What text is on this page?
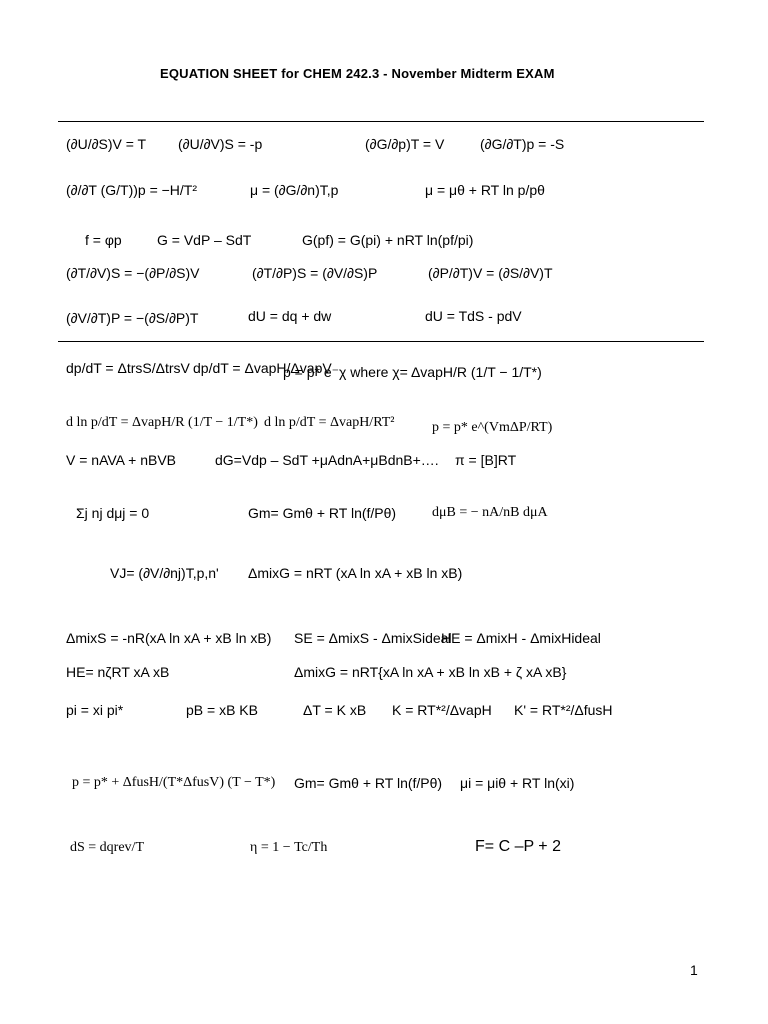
EQUATION SHEET for CHEM 242.3 - November Midterm EXAM
(∂U/∂S)V = T (∂U/∂V)S = -p	(∂G/∂p)T = V	(∂G/∂T)p = -S
(∂/∂T (G/T))p = −H/T²	μ = (∂G/∂n)T,p	μ = μθ + RT ln p/pθ
f = φp	G = VdP – SdT	G(pf) = G(pi) + nRT ln(pf/pi)
(∂T/∂V)S = −(∂P/∂S)V	(∂T/∂P)S = (∂V/∂S)P	(∂P/∂T)V = (∂S/∂V)T
(∂V/∂T)P = −(∂S/∂P)T	dU = dq + dw	dU = TdS - pdV
dp/dT = ΔtrsS/ΔtrsV dp/dT = ΔvapH/ΔvapV
p = p* e⁻χ where χ= ΔvapH/R (1/T − 1/T*)
d ln p/dT = ΔvapH/R (1/T − 1/T*) d ln p/dT = ΔvapH/RT²	p = p* e^(VmΔP/RT)
V = nAVA + nBVB	dG=Vdp – SdT +μAdnA+μBdnB+…. π = [B]RT
Σj nj dμj = 0	Gm= Gmθ + RT ln(f/Pθ)	dμB = − nA/nB dμA
VJ= (∂V/∂nj)T,p,n' ΔmixG = nRT (xA ln xA + xB ln xB)
ΔmixS = -nR(xA ln xA + xB ln xB) SE = ΔmixS - ΔmixSideal
HE = ΔmixH - ΔmixHideal
HE= nζRT xA xB	ΔmixG = nRT{xA ln xA + xB ln xB + ζ xA xB}
pi = xi pi*	pB = xB KB	ΔT = K xB K = RT*²/ΔvapH K' = RT*²/ΔfusH
p = p* + ΔfusH/(T*ΔfusV) (T − T*) Gm= Gmθ + RT ln(f/Pθ) μi = μiθ + RT ln(xi)
dS = dqrev/T	η = 1 − Tc/Th	F= C –P + 2
1
